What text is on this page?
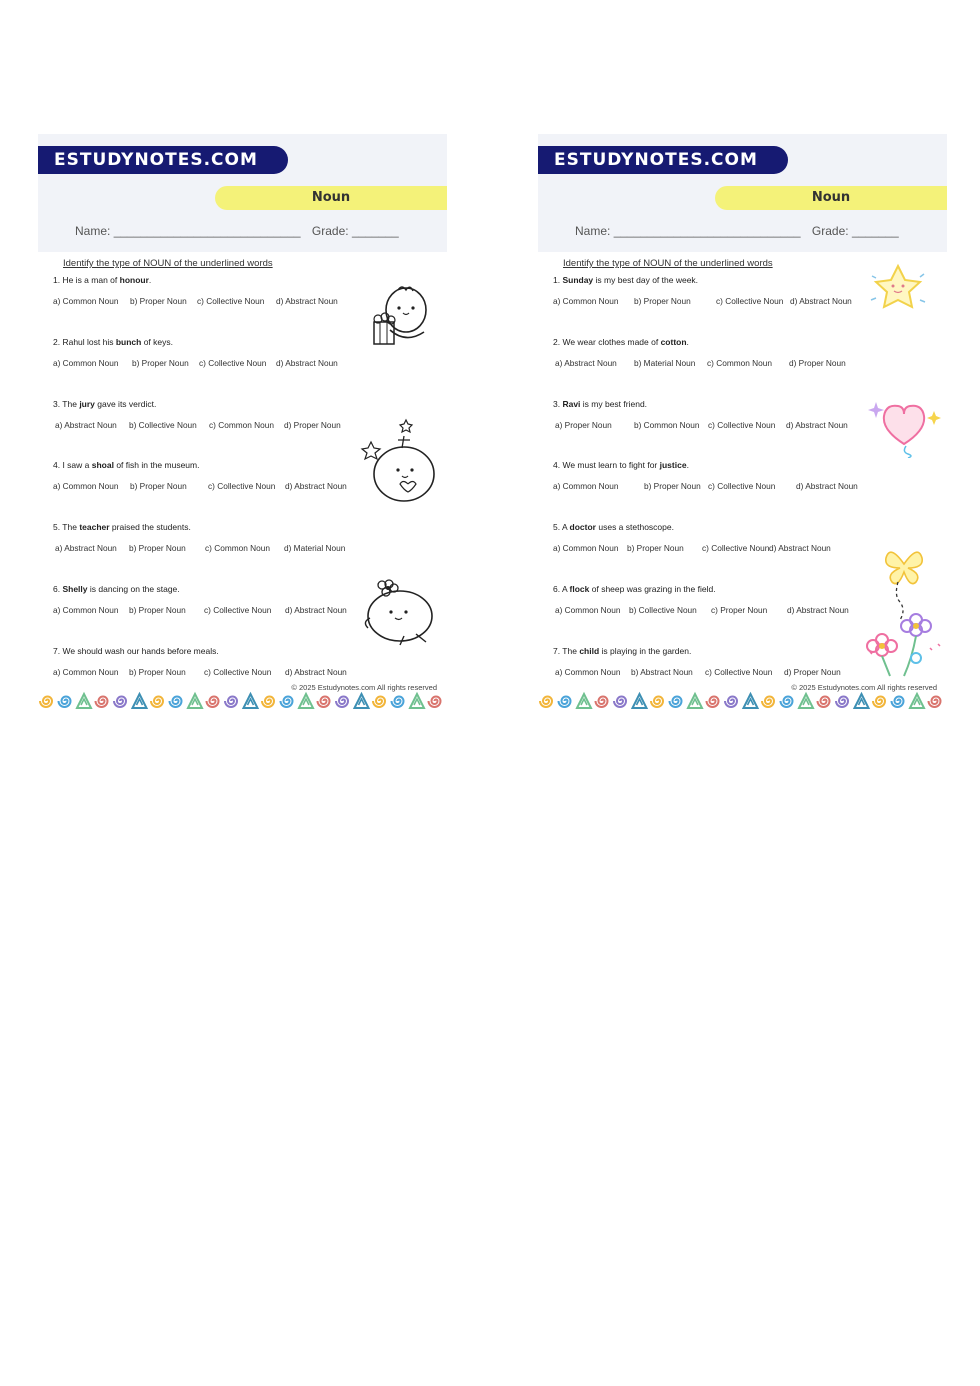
ESTUDYNOTES.COM
Noun
Name: ____________________________ Grade: _______
Identify the type of NOUN of the underlined words
1. He is a man of honour.
a) Common Noun b) Proper Noun c) Collective Noun d) Abstract Noun
2. Rahul lost his bunch of keys.
a) Common Noun b) Proper Noun c) Collective Noun d) Abstract Noun
3. The jury gave its verdict.
a) Abstract Noun b) Collective Noun c) Common Noun d) Proper Noun
4. I saw a shoal of fish in the museum.
a) Common Noun b) Proper Noun	c) Collective Noun d) Abstract Noun
5. The teacher praised the students.
a) Abstract Noun b) Proper Noun c) Common Noun d) Material Noun
6. Shelly is dancing on the stage.
a) Common Noun b) Proper Noun c) Collective Noun d) Abstract Noun
7. We should wash our hands before meals.
a) Common Noun b) Proper Noun c) Collective Noun d) Abstract Noun
© 2025 Estudynotes.com All rights reserved
ESTUDYNOTES.COM
Noun
Name: ____________________________ Grade: _______
Identify the type of NOUN of the underlined words
1. Sunday is my best day of the week.
a) Common Noun b) Proper Noun	c) Collective Noun d) Abstract Noun
2. We wear clothes made of cotton.
a) Abstract Noun b) Material Noun c) Common Noun d) Proper Noun
3. Ravi is my best friend.
a) Proper Noun	b) Common Noun c) Collective Noun d) Abstract Noun
4. We must learn to fight for justice.
a) Common Noun	b) Proper Noun c) Collective Noun d) Abstract Noun
5. A doctor uses a stethoscope.
a) Common Noun b) Proper Noun c) Collective Noun d) Abstract Noun
6. A flock of sheep was grazing in the field.
a) Common Noun b) Collective Noun c) Proper Noun d) Abstract Noun
7. The child is playing in the garden.
a) Common Noun b) Abstract Noun c) Collective Noun d) Proper Noun
© 2025 Estudynotes.com All rights reserved
